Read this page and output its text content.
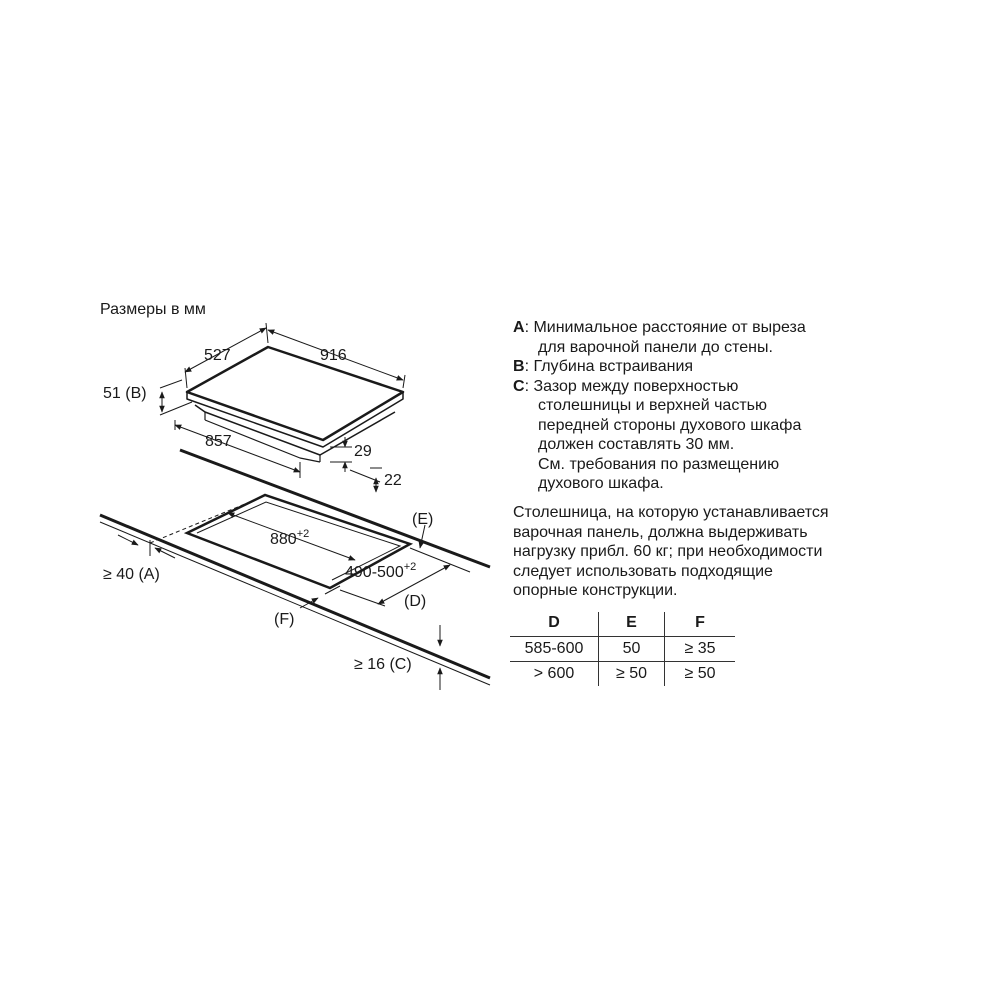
Размеры в мм
527	916
51 (B)
857
29
22
(E)
$880^{+2}$
$490-500^{+2}$
(D)
≥ 40 (A)
(F)
≥ 16 (C)
A : Минимальное расстояние от выреза
для варочной панели до стены.
B : Глубина встраивания
C : Зазор между поверхностью
столешницы и верхней частью
передней стороны духового шкафа
должен составлять 30 мм.
См. требования по размещению
духового шкафа.
Столешница, на которую устанавливается
варочная панель, должна выдерживать
нагрузку прибл. 60 кг; при необходимости
следует использовать подходящие
опорные конструкции.
D	E	F
585-600	50	≥ 35
> 600	≥ 50	≥ 50
